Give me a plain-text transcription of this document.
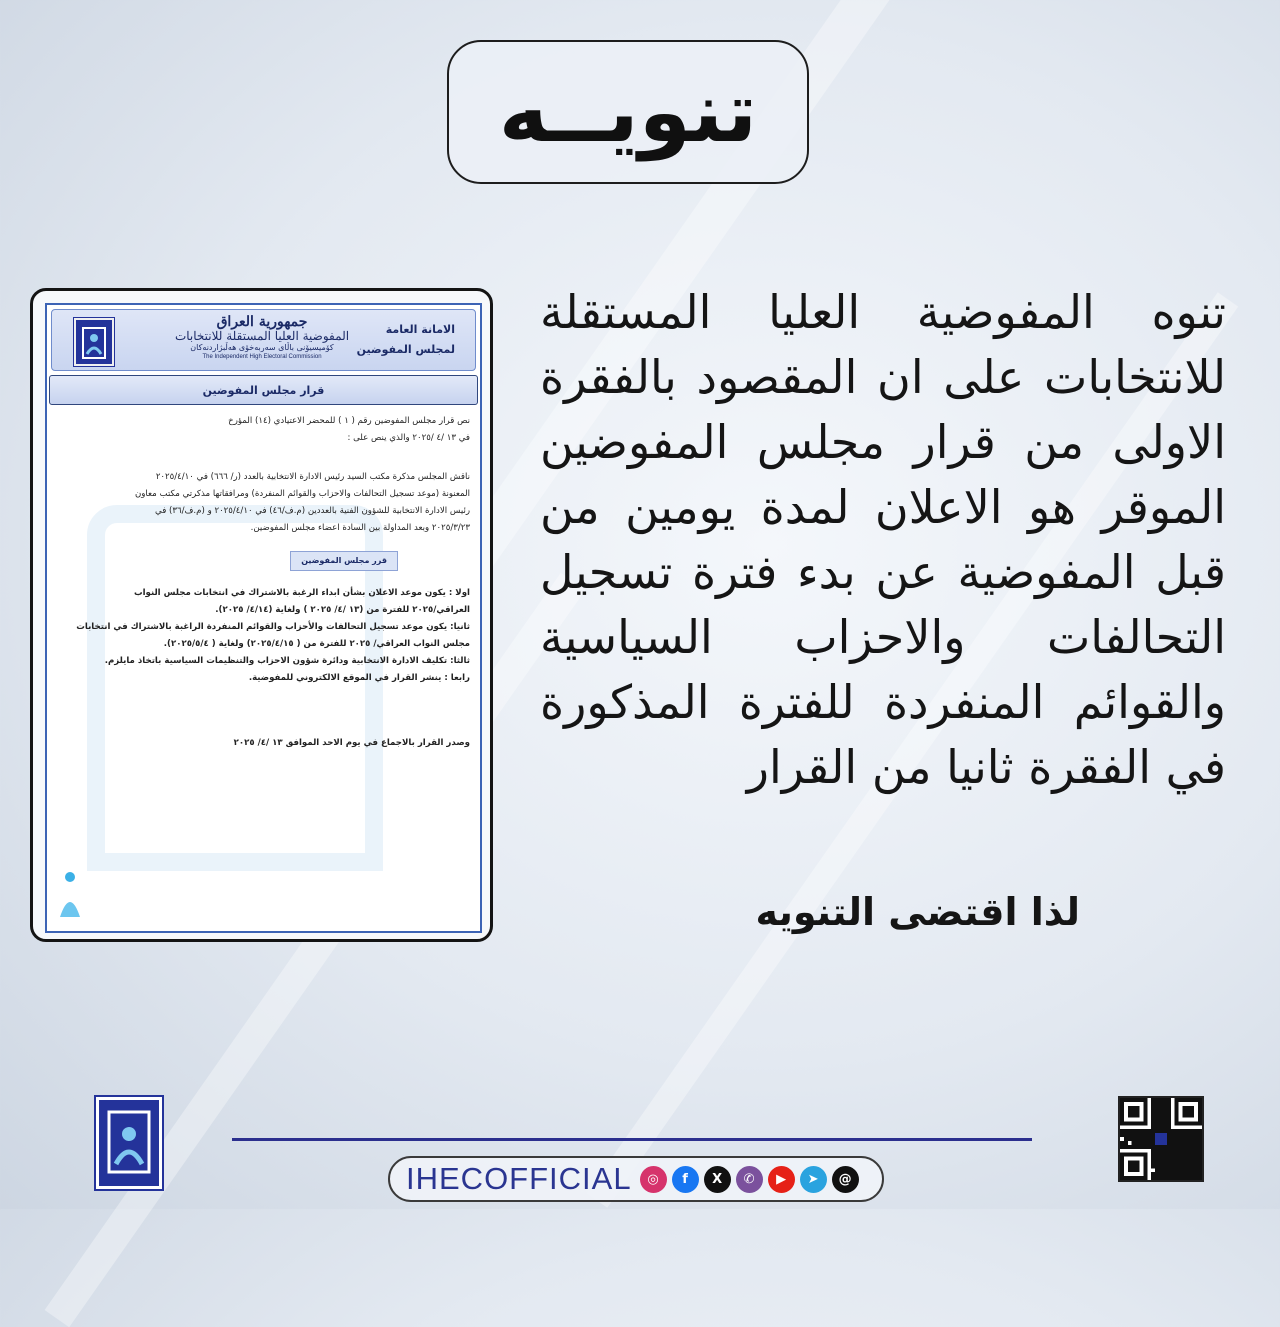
تنويــه
الامانة العامة
لمجلس المفوضين
جمهورية العراق
المفوضية العليا المستقلة للانتخابات
كۆمیسیۆنی باڵای سەربەخۆی هەڵبژاردنەکان
The Independent High Electoral Commission
قرار مجلس المفوضين

نص قرار مجلس المفوضين رقم ( ١ ) للمحضر الاعتيادي (١٤) المؤرخ

في ١٣ /٤ /٢٠٢٥ والذي ينص على :

ناقش المجلس مذكرة مكتب السيد رئيس الادارة الانتخابية بالعدد (ر/ ٦٦٦) في ٢٠٢٥/٤/١٠

المعنونة (موعد تسجيل التحالفات والاحزاب والقوائم المنفردة) ومرافقاتها مذكرتي مكتب معاون

رئيس الادارة الانتخابية للشؤون الفنية بالعددين (م.ف/٤٦) في ٢٠٢٥/٤/١٠ و (م.ف/٣٦) في

٢٠٢٥/٣/٢٣ وبعد المداولة بين السادة اعضاء مجلس المفوضين.

قرر مجلس المفوضين

اولا : يكون موعد الاعلان بشأن ابداء الرغبة بالاشتراك في انتخابات مجلس النواب

العراقي/٢٠٢٥ للفترة من (١٣ /٤/ ٢٠٢٥ ) ولغاية (٤/١٤/ ٢٠٢٥).

ثانيا: يكون موعد تسجيل التحالفات والأحزاب والقوائم المنفردة الراغبة بالاشتراك في انتخابات

مجلس النواب العراقي/ ٢٠٢٥ للفترة من ( ٢٠٢٥/٤/١٥) ولغاية ( ٢٠٢٥/٥/٤).

ثالثا: تكليف الادارة الانتخابية ودائرة شؤون الاحزاب والتنظيمات السياسية باتخاذ مايلزم.

رابعا : ينشر القرار في الموقع الالكتروني للمفوضية.

وصدر القرار بالاجماع في يوم الاحد الموافق ١٣ /٤/ ٢٠٢٥

تنوه المفوضية العليا المستقلة للانتخابات على ان المقصود بالفقرة الاولى من قرار مجلس المفوضين الموقر هو الاعلان لمدة يومين من قبل المفوضية عن بدء فترة تسجيل التحالفات والاحزاب السياسية والقوائم المنفردة للفترة المذكورة في الفقرة ثانيا من القرار
لذا اقتضى التنويه
IHECOFFICIAL	◎	f	X	✆	▶	➤	@
